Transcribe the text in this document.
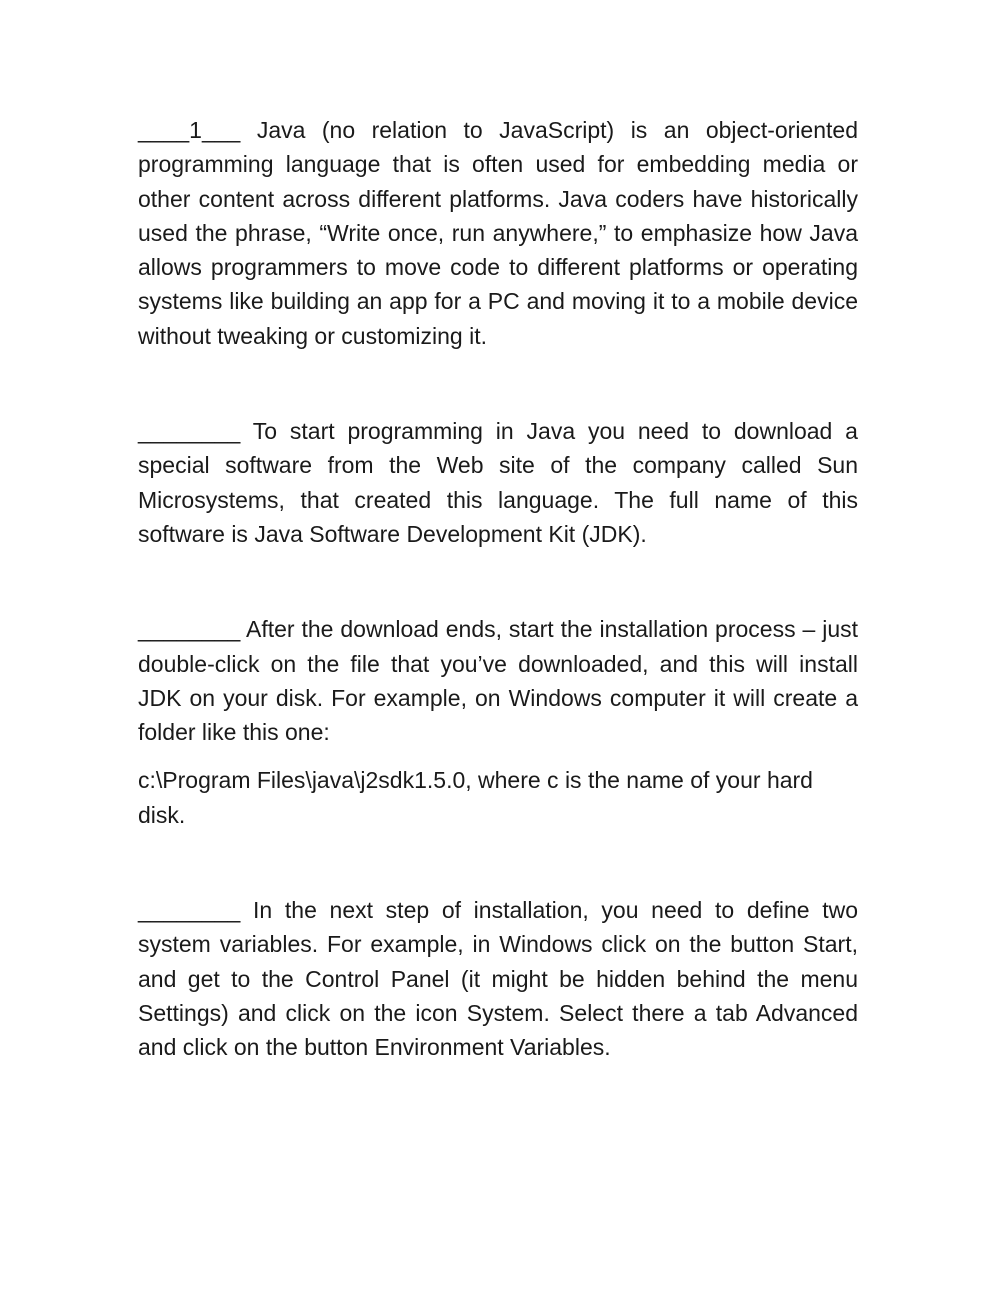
____1___ Java (no relation to JavaScript) is an object-oriented programming language that is often used for embedding media or other content across different platforms. Java coders have historically used the phrase, “Write once, run anywhere,” to emphasize how Java allows programmers to move code to different platforms or operating systems like building an app for a PC and moving it to a mobile device without tweaking or customizing it.

________ To start programming in Java you need to download a special software from the Web site of the company called Sun Microsystems, that created this language. The full name of this software is Java Software Development Kit (JDK).

________ After the download ends, start the installation process – just double-click on the file that you’ve downloaded, and this will install JDK on your disk. For example, on Windows computer it will create a folder like this one:

c:\Program Files\java\j2sdk1.5.0, where c is the name of your hard disk.

________ In the next step of installation, you need to define two system variables. For example, in Windows click on the button Start, and get to the Control Panel (it might be hidden behind the menu Settings) and click on the icon System. Select there a tab Advanced and click on the button Environment Variables.
